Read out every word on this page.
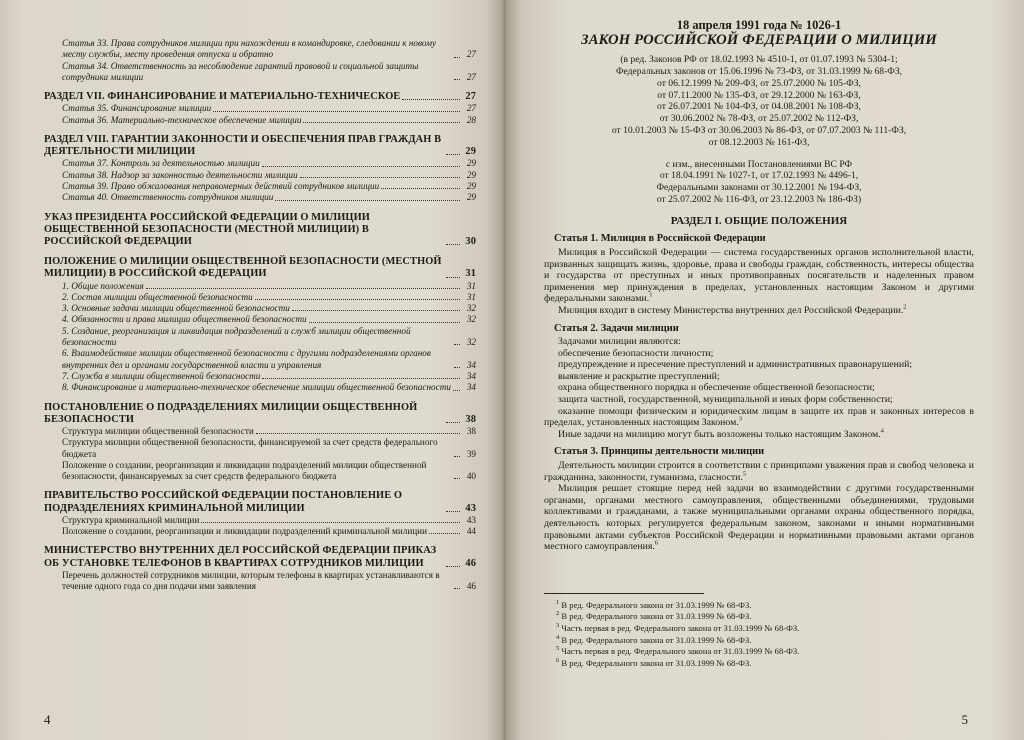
Статья 33. Права сотрудников милиции при нахождении в командировке, следовании к новому месту службы, месту проведения отпуска и обратно	27
Статья 34. Ответственность за несоблюдение гарантий правовой и социальной защиты сотрудника милиции	27
РАЗДЕЛ VII. ФИНАНСИРОВАНИЕ И МАТЕРИАЛЬНО-ТЕХНИЧЕСКОЕ	27
Статья 35. Финансирование милиции	27
Статья 36. Материально-техническое обеспечение милиции	28
РАЗДЕЛ VIII. ГАРАНТИИ ЗАКОННОСТИ И ОБЕСПЕЧЕНИЯ ПРАВ ГРАЖДАН В ДЕЯТЕЛЬНОСТИ МИЛИЦИИ	29
Статья 37. Контроль за деятельностью милиции	29
Статья 38. Надзор за законностью деятельности милиции	29
Статья 39. Право обжалования неправомерных действий сотрудников милиции	29
Статья 40. Ответственность сотрудников милиции	29
УКАЗ ПРЕЗИДЕНТА РОССИЙСКОЙ ФЕДЕРАЦИИ О МИЛИЦИИ ОБЩЕСТВЕННОЙ БЕЗОПАСНОСТИ (МЕСТНОЙ МИЛИЦИИ) В РОССИЙСКОЙ ФЕДЕРАЦИИ	30
ПОЛОЖЕНИЕ О МИЛИЦИИ ОБЩЕСТВЕННОЙ БЕЗОПАСНОСТИ (МЕСТНОЙ МИЛИЦИИ) В РОССИЙСКОЙ ФЕДЕРАЦИИ	31
1. Общие положения	31
2. Состав милиции общественной безопасности	31
3. Основные задачи милиции общественной безопасности	32
4. Обязанности и права милиции общественной безопасности	32
5. Создание, реорганизация и ликвидация подразделений и служб милиции общественной безопасности	32
6. Взаимодействие милиции общественной безопасности с другими подразделениями органов внутренних дел и органами государственной власти и управления	34
7. Служба в милиции общественной безопасности	34
8. Финансирование и материально-техническое обеспечение милиции общественной безопасности	34
ПОСТАНОВЛЕНИЕ О ПОДРАЗДЕЛЕНИЯХ МИЛИЦИИ ОБЩЕСТВЕННОЙ БЕЗОПАСНОСТИ	38
Структура милиции общественной безопасности	38
Структура милиции общественной безопасности, финансируемой за счет средств федерального бюджета	39
Положение о создании, реорганизации и ликвидации подразделений милиции общественной безопасности, финансируемых за счет средств федерального бюджета	40
ПРАВИТЕЛЬСТВО РОССИЙСКОЙ ФЕДЕРАЦИИ ПОСТАНОВЛЕНИЕ О ПОДРАЗДЕЛЕНИЯХ КРИМИНАЛЬНОЙ МИЛИЦИИ	43
Структура криминальной милиции	43
Положение о создании, реорганизации и ликвидации подразделений криминальной милиции	44
МИНИСТЕРСТВО ВНУТРЕННИХ ДЕЛ РОССИЙСКОЙ ФЕДЕРАЦИИ ПРИКАЗ ОБ УСТАНОВКЕ ТЕЛЕФОНОВ В КВАРТИРАХ СОТРУДНИКОВ МИЛИЦИИ	46
Перечень должностей сотрудников милиции, которым телефоны в квартирах устанавливаются в течение одного года со дня подачи ими заявления	46
4
18 апреля 1991 года № 1026-1
ЗАКОН РОССИЙСКОЙ ФЕДЕРАЦИИ О МИЛИЦИИ
(в ред. Законов РФ от 18.02.1993 № 4510-1, от 01.07.1993 № 5304-1;
Федеральных законов от 15.06.1996 № 73-ФЗ, от 31.03.1999 № 68-ФЗ,
от 06.12.1999 № 209-ФЗ, от 25.07.2000 № 105-ФЗ,
от 07.11.2000 № 135-ФЗ, от 29.12.2000 № 163-ФЗ,
от 26.07.2001 № 104-ФЗ, от 04.08.2001 № 108-ФЗ,
от 30.06.2002 № 78-ФЗ, от 25.07.2002 № 112-ФЗ,
от 10.01.2003 № 15-ФЗ от 30.06.2003 № 86-ФЗ, от 07.07.2003 № 111-ФЗ,
от 08.12.2003 № 161-ФЗ,
с изм., внесенными Постановлениями ВС РФ
от 18.04.1991 № 1027-1, от 17.02.1993 № 4496-1,
Федеральными законами от 30.12.2001 № 194-ФЗ,
от 25.07.2002 № 116-ФЗ, от 23.12.2003 № 186-ФЗ)
РАЗДЕЛ I. ОБЩИЕ ПОЛОЖЕНИЯ
Статья 1. Милиция в Российской Федерации

Милиция в Российской Федерации — система государственных органов исполнительной власти, призванных защищать жизнь, здоровье, права и свободы граждан, собственность, интересы общества и государства от преступных и иных противоправных посягательств и наделенных правом применения мер принуждения в пределах, установленных настоящим Законом и другими федеральными законами.$^1$

Милиция входит в систему Министерства внутренних дел Российской Федерации.$^2$

Статья 2. Задачи милиции

Задачами милиции являются:

обеспечение безопасности личности;

предупреждение и пресечение преступлений и административных правонарушений;

выявление и раскрытие преступлений;

охрана общественного порядка и обеспечение общественной безопасности;

защита частной, государственной, муниципальной и иных форм собственности;

оказание помощи физическим и юридическим лицам в защите их прав и законных интересов в пределах, установленных настоящим Законом.$^3$

Иные задачи на милицию могут быть возложены только настоящим Законом.$^4$

Статья 3. Принципы деятельности милиции

Деятельность милиции строится в соответствии с принципами уважения прав и свобод человека и гражданина, законности, гуманизма, гласности.$^5$

Милиция решает стоящие перед ней задачи во взаимодействии с другими государственными органами, органами местного самоуправления, общественными объединениями, трудовыми коллективами и гражданами, а также муниципальными органами охраны общественного порядка, деятельность которых регулируется федеральным законом, законами и иными нормативными правовыми актами субъектов Российской Федерации и нормативными правовыми актами органов местного самоуправления.$^6$

$^1$ В ред. Федерального закона от 31.03.1999 № 68-ФЗ.
$^2$ В ред. Федерального закона от 31.03.1999 № 68-ФЗ.
$^3$ Часть первая в ред. Федерального закона от 31.03.1999 № 68-ФЗ.
$^4$ В ред. Федерального закона от 31.03.1999 № 68-ФЗ.
$^5$ Часть первая в ред. Федерального закона от 31.03.1999 № 68-ФЗ.
$^6$ В ред. Федерального закона от 31.03.1999 № 68-ФЗ.
5
